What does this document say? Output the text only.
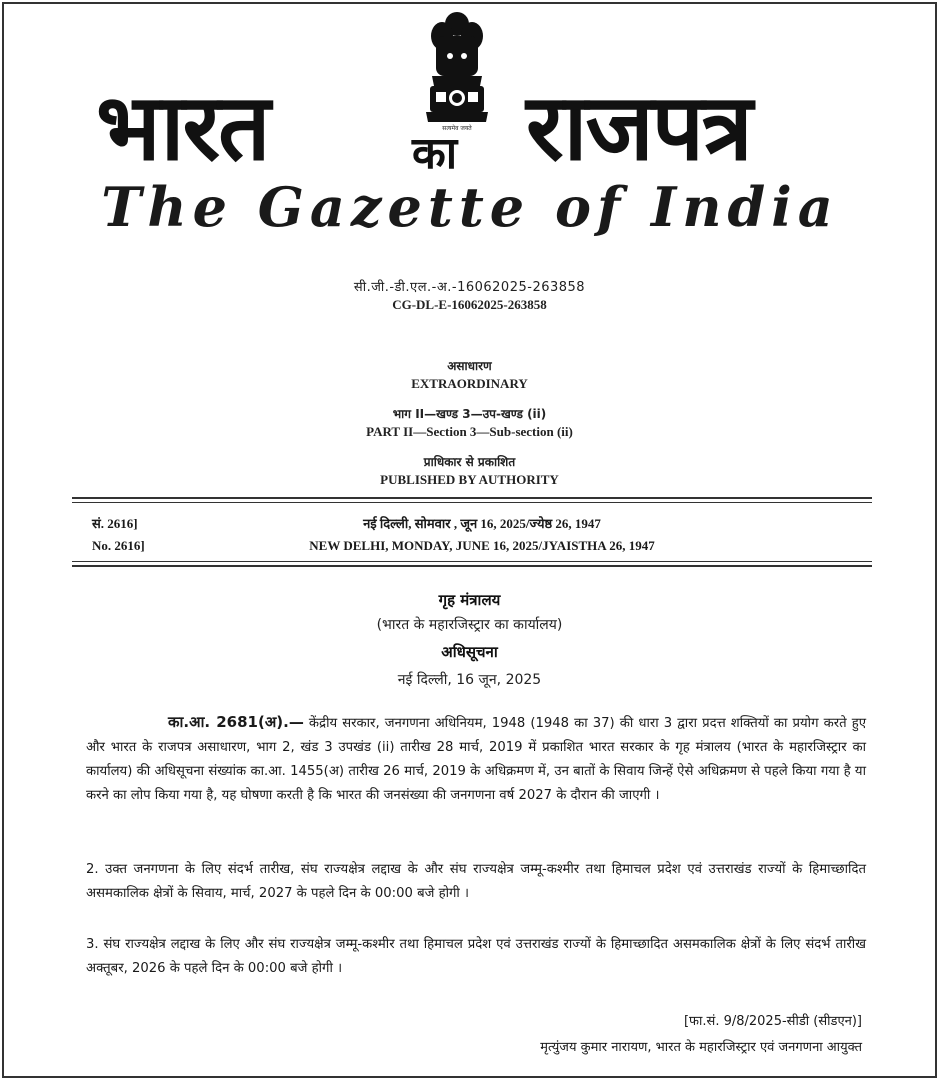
सत्यमेव जयते
भारत	का राजपत्र
The Gazette of India
सी.जी.-डी.एल.-अ.-16062025-263858
CG-DL-E-16062025-263858
असाधारण
EXTRAORDINARY
भाग II—खण्ड 3—उप-खण्ड (ii)
PART II—Section 3—Sub-section (ii)
प्राधिकार से प्रकाशित
PUBLISHED BY AUTHORITY
सं. 2616]	नई दिल्ली, सोमवार , जून 16, 2025/ज्येष्ठ 26, 1947
No. 2616]	NEW DELHI, MONDAY, JUNE 16, 2025/JYAISTHA 26, 1947
गृह मंत्रालय
(भारत के महारजिस्ट्रार का कार्यालय)
अधिसूचना
नई दिल्ली, 16 जून, 2025
का.आ. 2681(अ).— केंद्रीय सरकार, जनगणना अधिनियम, 1948 (1948 का 37) की धारा 3 द्वारा प्रदत्त शक्तियों का प्रयोग करते हुए और भारत के राजपत्र असाधारण, भाग 2, खंड 3 उपखंड (ii) तारीख 28 मार्च, 2019 में प्रकाशित भारत सरकार के गृह मंत्रालय (भारत के महारजिस्ट्रार का कार्यालय) की अधिसूचना संख्यांक का.आ. 1455(अ) तारीख 26 मार्च, 2019 के अधिक्रमण में, उन बातों के सिवाय जिन्हें ऐसे अधिक्रमण से पहले किया गया है या करने का लोप किया गया है, यह घोषणा करती है कि भारत की जनसंख्या की जनगणना वर्ष 2027 के दौरान की जाएगी ।
2. उक्त जनगणना के लिए संदर्भ तारीख, संघ राज्यक्षेत्र लद्दाख के और संघ राज्यक्षेत्र जम्मू-कश्मीर तथा हिमाचल प्रदेश एवं उत्तराखंड राज्यों के हिमाच्छादित असमकालिक क्षेत्रों के सिवाय, मार्च, 2027 के पहले दिन के 00:00 बजे होगी ।
3. संघ राज्यक्षेत्र लद्दाख के लिए और संघ राज्यक्षेत्र जम्मू-कश्मीर तथा हिमाचल प्रदेश एवं उत्तराखंड राज्यों के हिमाच्छादित असमकालिक क्षेत्रों के लिए संदर्भ तारीख अक्तूबर, 2026 के पहले दिन के 00:00 बजे होगी ।
[फा.सं. 9/8/2025-सीडी (सीडएन)]
मृत्युंजय कुमार नारायण, भारत के महारजिस्ट्रार एवं जनगणना आयुक्त
